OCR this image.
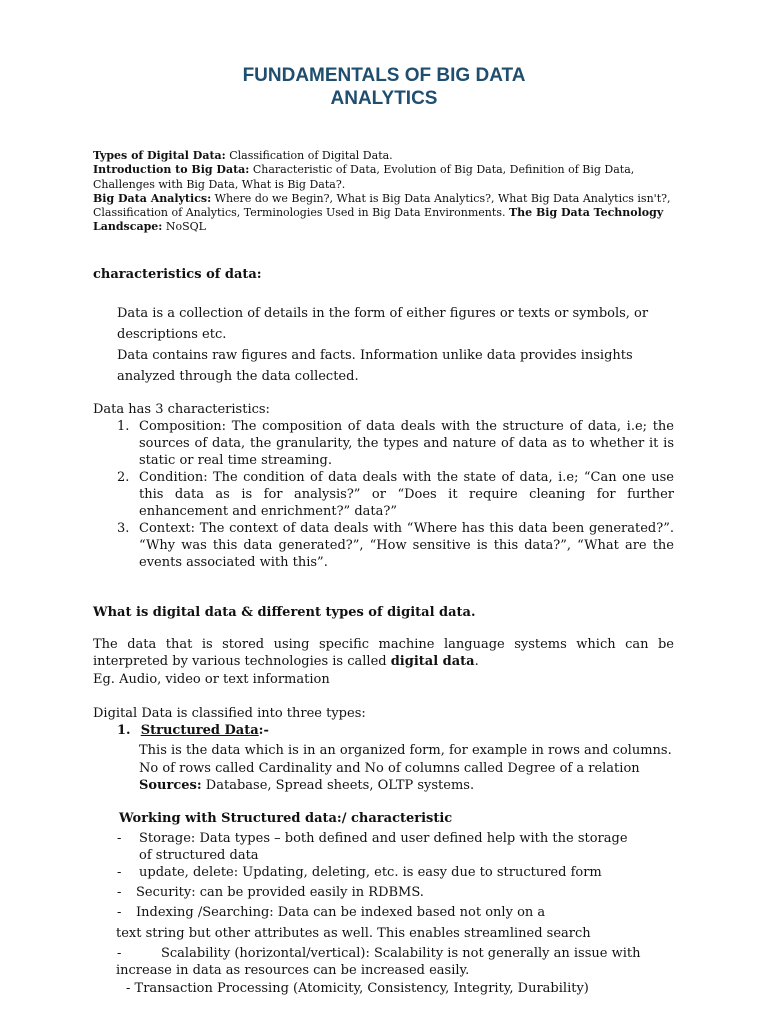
FUNDAMENTALS OF BIG DATA
ANALYTICS
Types of Digital Data: Classification of Digital Data.
Introduction to Big Data: Characteristic of Data, Evolution of Big Data, Definition of Big Data, Challenges with Big Data, What is Big Data?.
Big Data Analytics: Where do we Begin?, What is Big Data Analytics?, What Big Data Analytics isn't?, Classification of Analytics, Terminologies Used in Big Data Environments. The Big Data Technology Landscape: NoSQL
characteristics of data:
Data is a collection of details in the form of either figures or texts or symbols, or descriptions etc.
Data contains raw figures and facts. Information unlike data provides insights analyzed through the data collected.
Data has 3 characteristics:
1. Composition: The composition of data deals with the structure of data, i.e; the sources of data, the granularity, the types and nature of data as to whether it is static or real time streaming.
2. Condition: The condition of data deals with the state of data, i.e; “Can one use this data as is for analysis?” or “Does it require cleaning for further enhancement and enrichment?” data?”
3. Context: The context of data deals with “Where has this data been generated?”. “Why was this data generated?”, “How sensitive is this data?”, “What are the events associated with this”.
What is digital data & different types of digital data.
The data that is stored using specific machine language systems which can be interpreted by various technologies is called digital data.
Eg. Audio, video or text information
Digital Data is classified into three types:
1. Structured Data:-
This is the data which is in an organized form, for example in rows and columns.
No of rows called Cardinality and No of columns called Degree of a relation
Sources: Database, Spread sheets, OLTP systems.
Working with Structured data:/ characteristic
- Storage: Data types – both defined and user defined help with the storage
of structured data
- update, delete: Updating, deleting, etc. is easy due to structured form
- Security: can be provided easily in RDBMS.
- Indexing /Searching: Data can be indexed based not only on a
text string but other attributes as well. This enables streamlined search
-	Scalability (horizontal/vertical): Scalability is not generally an issue with
increase in data as resources can be increased easily.
- Transaction Processing (Atomicity, Consistency, Integrity, Durability)
